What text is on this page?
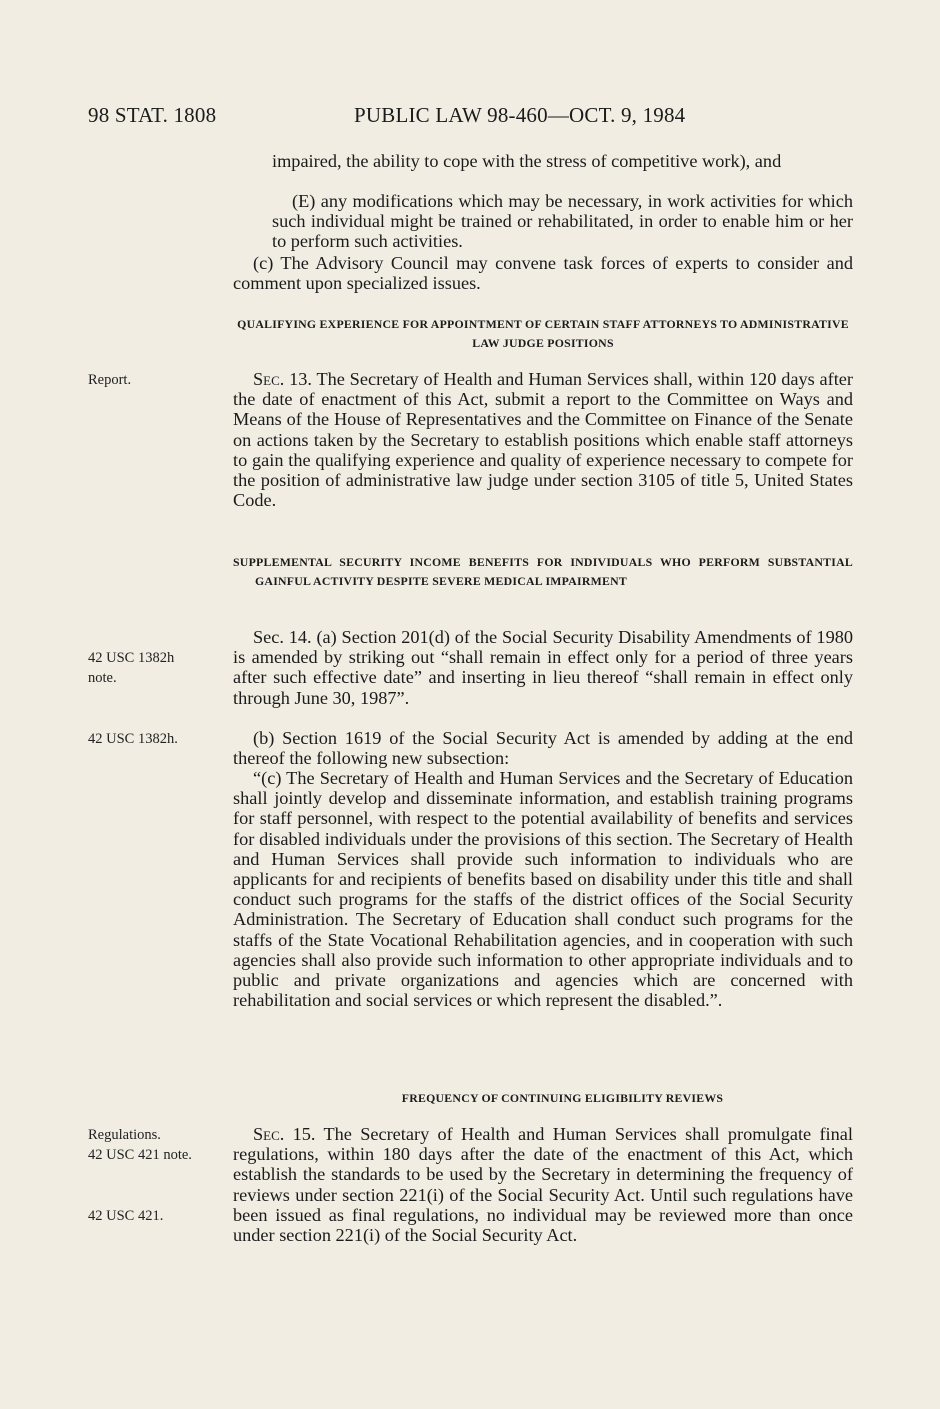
98 STAT. 1808	PUBLIC LAW 98-460—OCT. 9, 1984

impaired, the ability to cope with the stress of competitive work), and

(E) any modifications which may be necessary, in work activities for which such individual might be trained or rehabilitated, in order to enable him or her to perform such activities.

(c) The Advisory Council may convene task forces of experts to consider and comment upon specialized issues.

QUALIFYING EXPERIENCE FOR APPOINTMENT OF CERTAIN STAFF ATTORNEYS TO ADMINISTRATIVE LAW JUDGE POSITIONS

Report.	Sec. 13. The Secretary of Health and Human Services shall, within 120 days after the date of enactment of this Act, submit a report to the Committee on Ways and Means of the House of Representatives and the Committee on Finance of the Senate on actions taken by the Secretary to establish positions which enable staff attorneys to gain the qualifying experience and quality of experience necessary to compete for the position of administrative law judge under section 3105 of title 5, United States Code.

SUPPLEMENTAL SECURITY INCOME BENEFITS FOR INDIVIDUALS WHO PERFORM SUBSTANTIAL GAINFUL ACTIVITY DESPITE SEVERE MEDICAL IMPAIRMENT

42 USC 1382h
note.

Sec. 14. (a) Section 201(d) of the Social Security Disability Amendments of 1980 is amended by striking out “shall remain in effect only for a period of three years after such effective date” and inserting in lieu thereof “shall remain in effect only through June 30, 1987”.

42 USC 1382h.	(b) Section 1619 of the Social Security Act is amended by adding at the end thereof the following new subsection:

“(c) The Secretary of Health and Human Services and the Secretary of Education shall jointly develop and disseminate information, and establish training programs for staff personnel, with respect to the potential availability of benefits and services for disabled individuals under the provisions of this section. The Secretary of Health and Human Services shall provide such information to individuals who are applicants for and recipients of benefits based on disability under this title and shall conduct such programs for the staffs of the district offices of the Social Security Administration. The Secretary of Education shall conduct such programs for the staffs of the State Vocational Rehabilitation agencies, and in cooperation with such agencies shall also provide such information to other appropriate individuals and to public and private organizations and agencies which are concerned with rehabilitation and social services or which represent the disabled.”.

FREQUENCY OF CONTINUING ELIGIBILITY REVIEWS

Regulations.
42 USC 421 note.
42 USC 421.

Sec. 15. The Secretary of Health and Human Services shall promulgate final regulations, within 180 days after the date of the enactment of this Act, which establish the standards to be used by the Secretary in determining the frequency of reviews under section 221(i) of the Social Security Act. Until such regulations have been issued as final regulations, no individual may be reviewed more than once under section 221(i) of the Social Security Act.
